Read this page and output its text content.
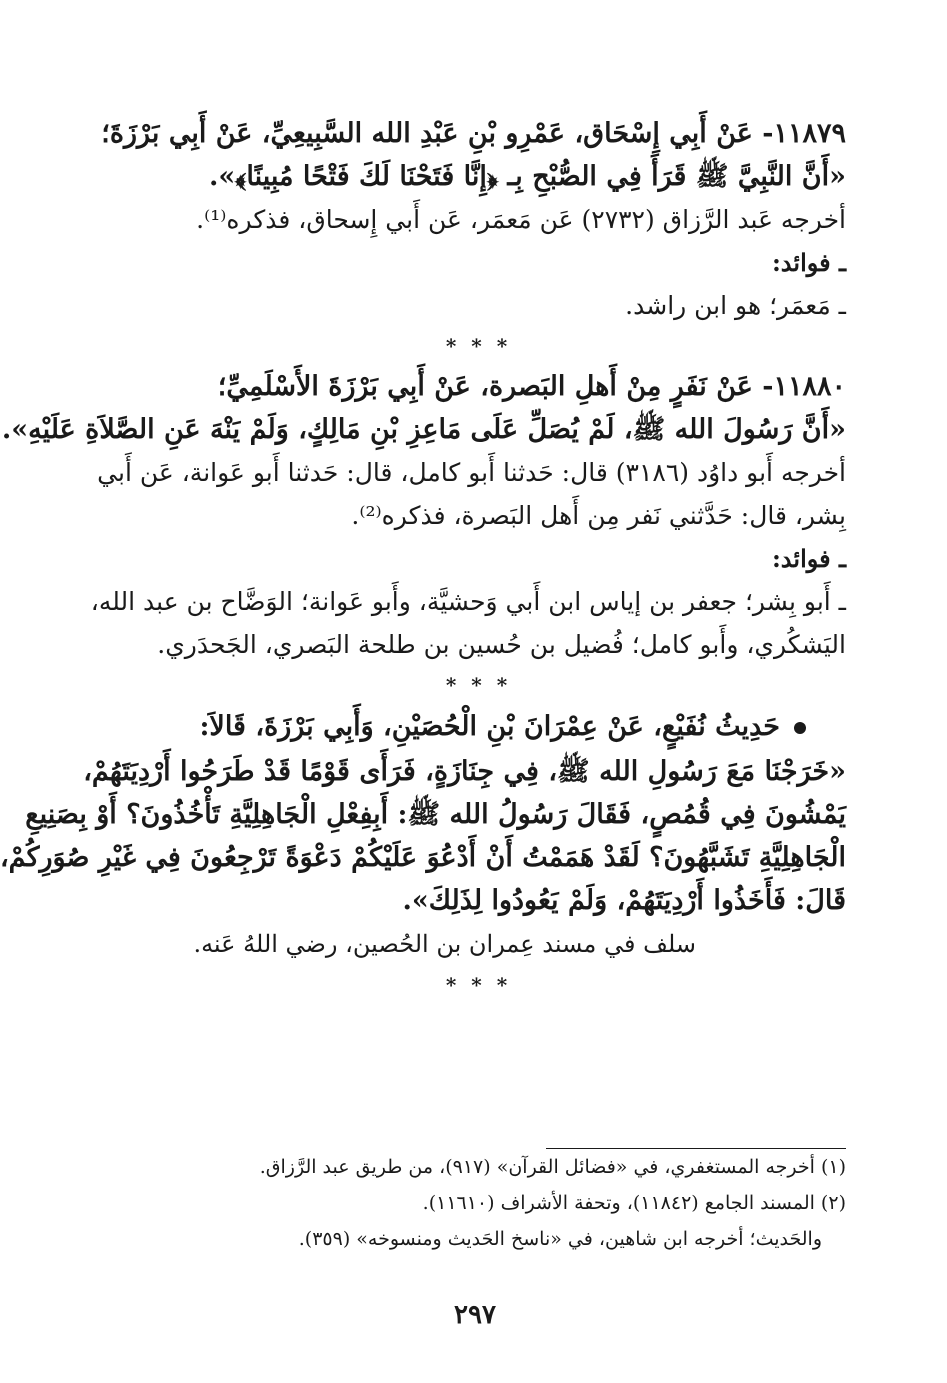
١١٨٧٩- عَنْ أَبِي إِسْحَاق، عَمْرِو بْنِ عَبْدِ الله السَّبِيعِيِّ، عَنْ أَبِي بَرْزَةَ؛
«أَنَّ النَّبِيَّ ﷺ قَرَأَ فِي الصُّبْحِ بِـ ﴿إِنَّا فَتَحْنَا لَكَ فَتْحًا مُبِينًا﴾».
أخرجه عَبد الرَّزاق (٢٧٣٢) عَن مَعمَر، عَن أَبي إِسحاق، فذكره⁽¹⁾.
ـ فوائد:
ـ مَعمَر؛ هو ابن راشد.
* * *
١١٨٨٠- عَنْ نَفَرٍ مِنْ أَهلِ البَصرة، عَنْ أَبِي بَرْزَةَ الأَسْلَمِيِّ؛
«أَنَّ رَسُولَ الله ﷺ، لَمْ يُصَلِّ عَلَى مَاعِزِ بْنِ مَالِكٍ، وَلَمْ يَنْهَ عَنِ الصَّلاَةِ عَلَيْهِ».
أخرجه أَبو داوُد (٣١٨٦) قال: حَدثنا أَبو كامل، قال: حَدثنا أَبو عَوانة، عَن أَبي
بِشر، قال: حَدَّثني نَفر مِن أَهل البَصرة، فذكره⁽²⁾.
ـ فوائد:
ـ أَبو بِشر؛ جعفر بن إياس ابن أَبي وَحشيَّة، وأَبو عَوانة؛ الوَضَّاح بن عبد الله،
اليَشكُري، وأَبو كامل؛ فُضيل بن حُسين بن طلحة البَصري، الجَحدَري.
* * *
حَدِيثُ نُفَيْعٍ، عَنْ عِمْرَانَ بْنِ الْحُصَيْنِ، وَأَبِي بَرْزَةَ، قَالاَ:
«خَرَجْنَا مَعَ رَسُولِ الله ﷺ، فِي جِنَازَةٍ، فَرَأَى قَوْمًا قَدْ طَرَحُوا أَرْدِيَتَهُمْ،
يَمْشُونَ فِي قُمُصٍ، فَقَالَ رَسُولُ الله ﷺ: أَبِفِعْلِ الْجَاهِلِيَّةِ تَأْخُذُونَ؟ أَوْ بِصَنِيعِ
الْجَاهِلِيَّةِ تَشَبَّهُونَ؟ لَقَدْ هَمَمْتُ أَنْ أَدْعُوَ عَلَيْكُمْ دَعْوَةً تَرْجِعُونَ فِي غَيْرِ صُوَرِكُمْ،
قَالَ: فَأَخَذُوا أَرْدِيَتَهُمْ، وَلَمْ يَعُودُوا لِذَلِكَ».
سلف في مسند عِمران بن الحُصين، رضي اللهُ عَنه.
* * *
(١) أخرجه المستغفري، في «فضائل القرآن» (٩١٧)، من طريق عبد الرَّزاق.
(٢) المسند الجامع (١١٨٤٢)، وتحفة الأشراف (١١٦١٠).
والحَديث؛ أخرجه ابن شاهين، في «ناسخ الحَديث ومنسوخه» (٣٥٩).
٢٩٧
